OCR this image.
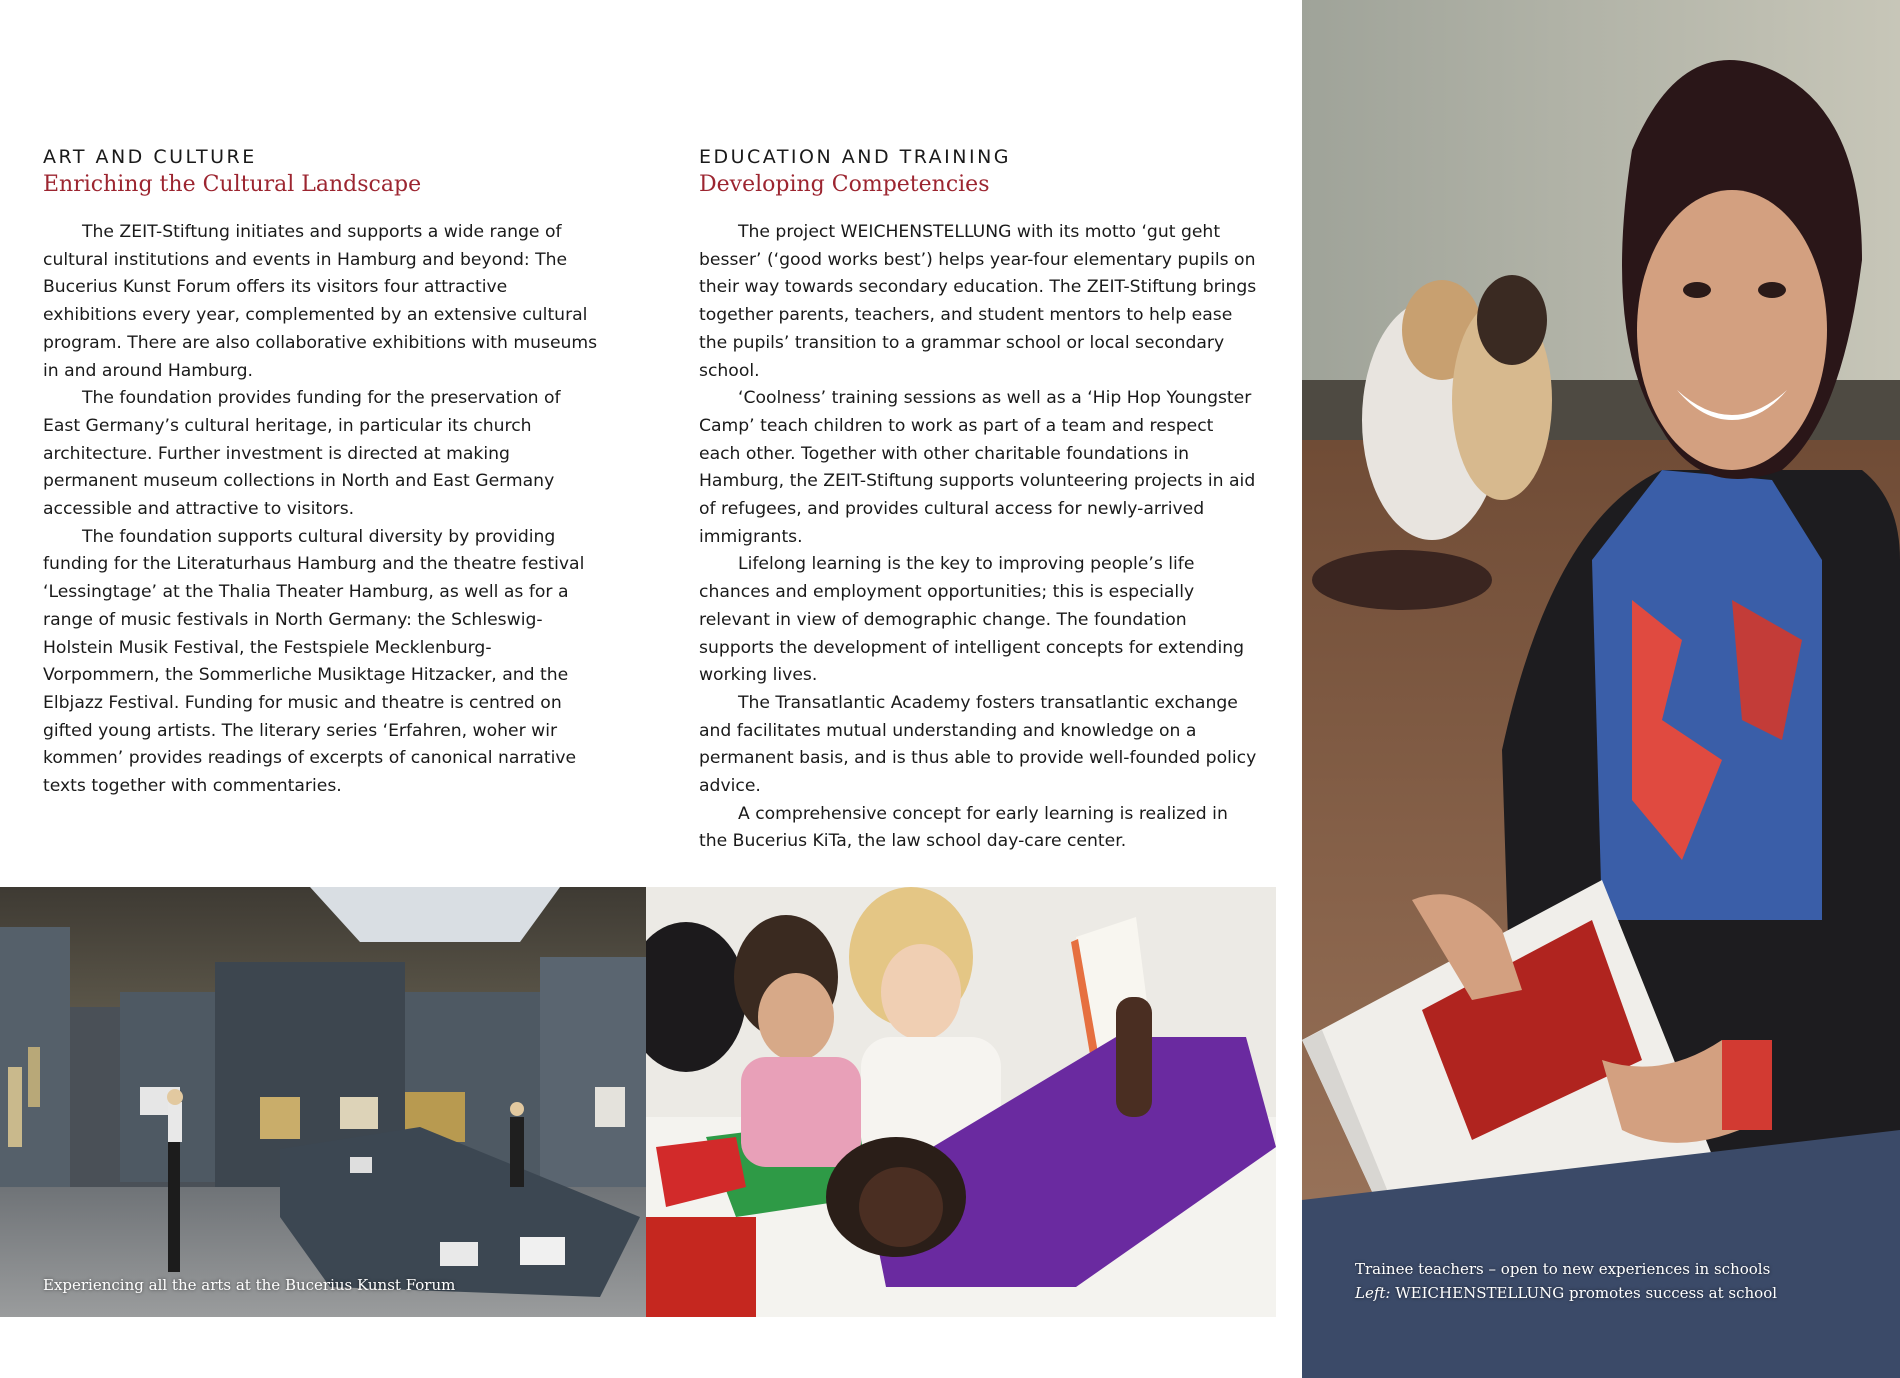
ART AND CULTURE
Enriching the Cultural Landscape

The ZEIT-Stiftung initiates and supports a wide range of cultural institutions and events in Hamburg and beyond: The Bucerius Kunst Forum offers its visitors four attractive exhibitions every year, complemented by an extensive cultural program. There are also collaborative exhibitions with museums in and around Hamburg.

The foundation provides funding for the preservation of East Germany’s cultural heritage, in particular its church architecture. Further investment is directed at making permanent museum collections in North and East Germany accessible and attractive to visitors.

The foundation supports cultural diversity by providing funding for the Literaturhaus Hamburg and the theatre festival ‘Lessingtage’ at the Thalia Theater Hamburg, as well as for a range of music festivals in North Germany: the Schleswig-Holstein Musik Festival, the Festspiele Mecklenburg-Vorpommern, the Sommerliche Musiktage Hitzacker, and the Elbjazz Festival. Funding for music and theatre is centred on gifted young artists. The literary series ‘Erfahren, woher wir kommen’ provides readings of excerpts of canonical narrative texts together with commentaries.

EDUCATION AND TRAINING
Developing Competencies

The project WEICHENSTELLUNG with its motto ‘gut geht besser’ (‘good works best’) helps year-four elementary pupils on their way towards secondary education. The ZEIT-Stiftung brings together parents, teachers, and student mentors to help ease the pupils’ transition to a grammar school or local secondary school.

‘Coolness’ training sessions as well as a ‘Hip Hop Youngster Camp’ teach children to work as part of a team and respect each other. Together with other charitable foundations in Hamburg, the ZEIT-Stiftung supports volunteering projects in aid of refugees, and provides cultural access for newly-arrived immigrants.

Lifelong learning is the key to improving people’s life chances and employment opportunities; this is especially relevant in view of demographic change. The foundation supports the development of intelligent concepts for extending working lives.

The Transatlantic Academy fosters transatlantic exchange and facilitates mutual understanding and knowledge on a permanent basis, and is thus able to provide well-founded policy advice.

A comprehensive concept for early learning is realized in the Bucerius KiTa, the law school day-care center.

Experiencing all the arts at the Bucerius Kunst Forum
Trainee teachers – open to new experiences in schools
Left: WEICHENSTELLUNG promotes success at school
